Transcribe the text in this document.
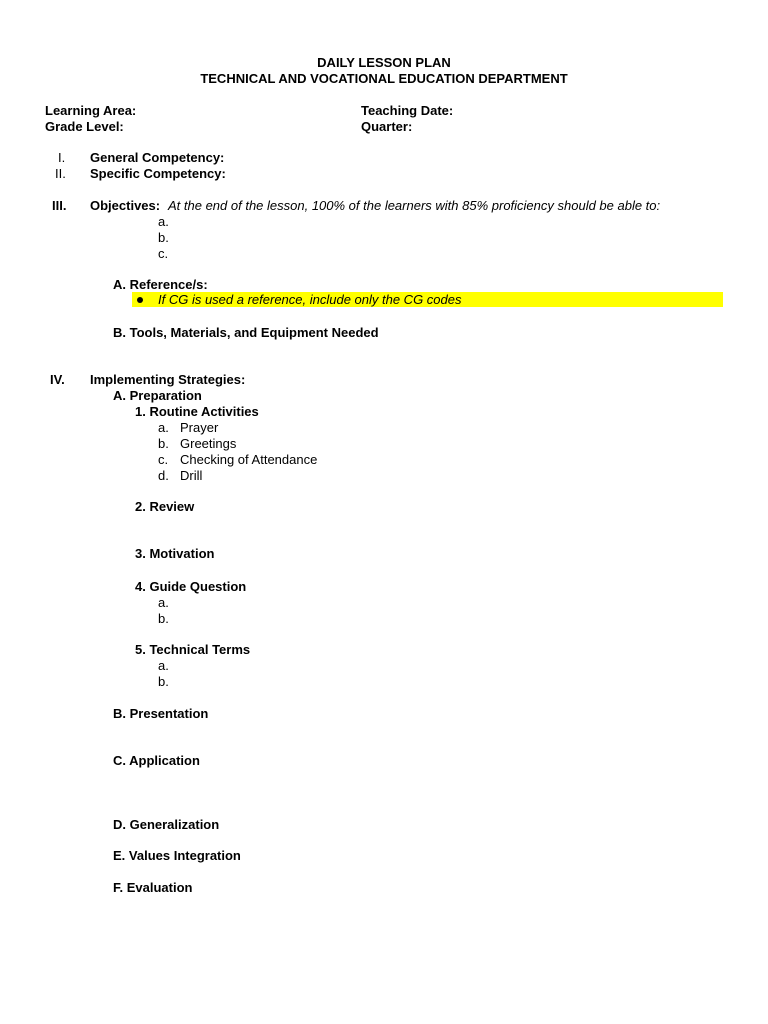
DAILY LESSON PLAN
TECHNICAL AND VOCATIONAL EDUCATION DEPARTMENT
Learning Area:
Grade Level:
Teaching Date:
Quarter:
I. General Competency:
II. Specific Competency:
III. Objectives: At the end of the lesson, 100% of the learners with 85% proficiency should be able to:
a.
b.
c.
A. Reference/s:
If CG is used a reference, include only the CG codes
B. Tools, Materials, and Equipment Needed
IV. Implementing Strategies:
A. Preparation
1. Routine Activities
a. Prayer
b. Greetings
c. Checking of Attendance
d. Drill
2. Review
3. Motivation
4. Guide Question
a.
b.
5. Technical Terms
a.
b.
B. Presentation
C. Application
D. Generalization
E. Values Integration
F. Evaluation
